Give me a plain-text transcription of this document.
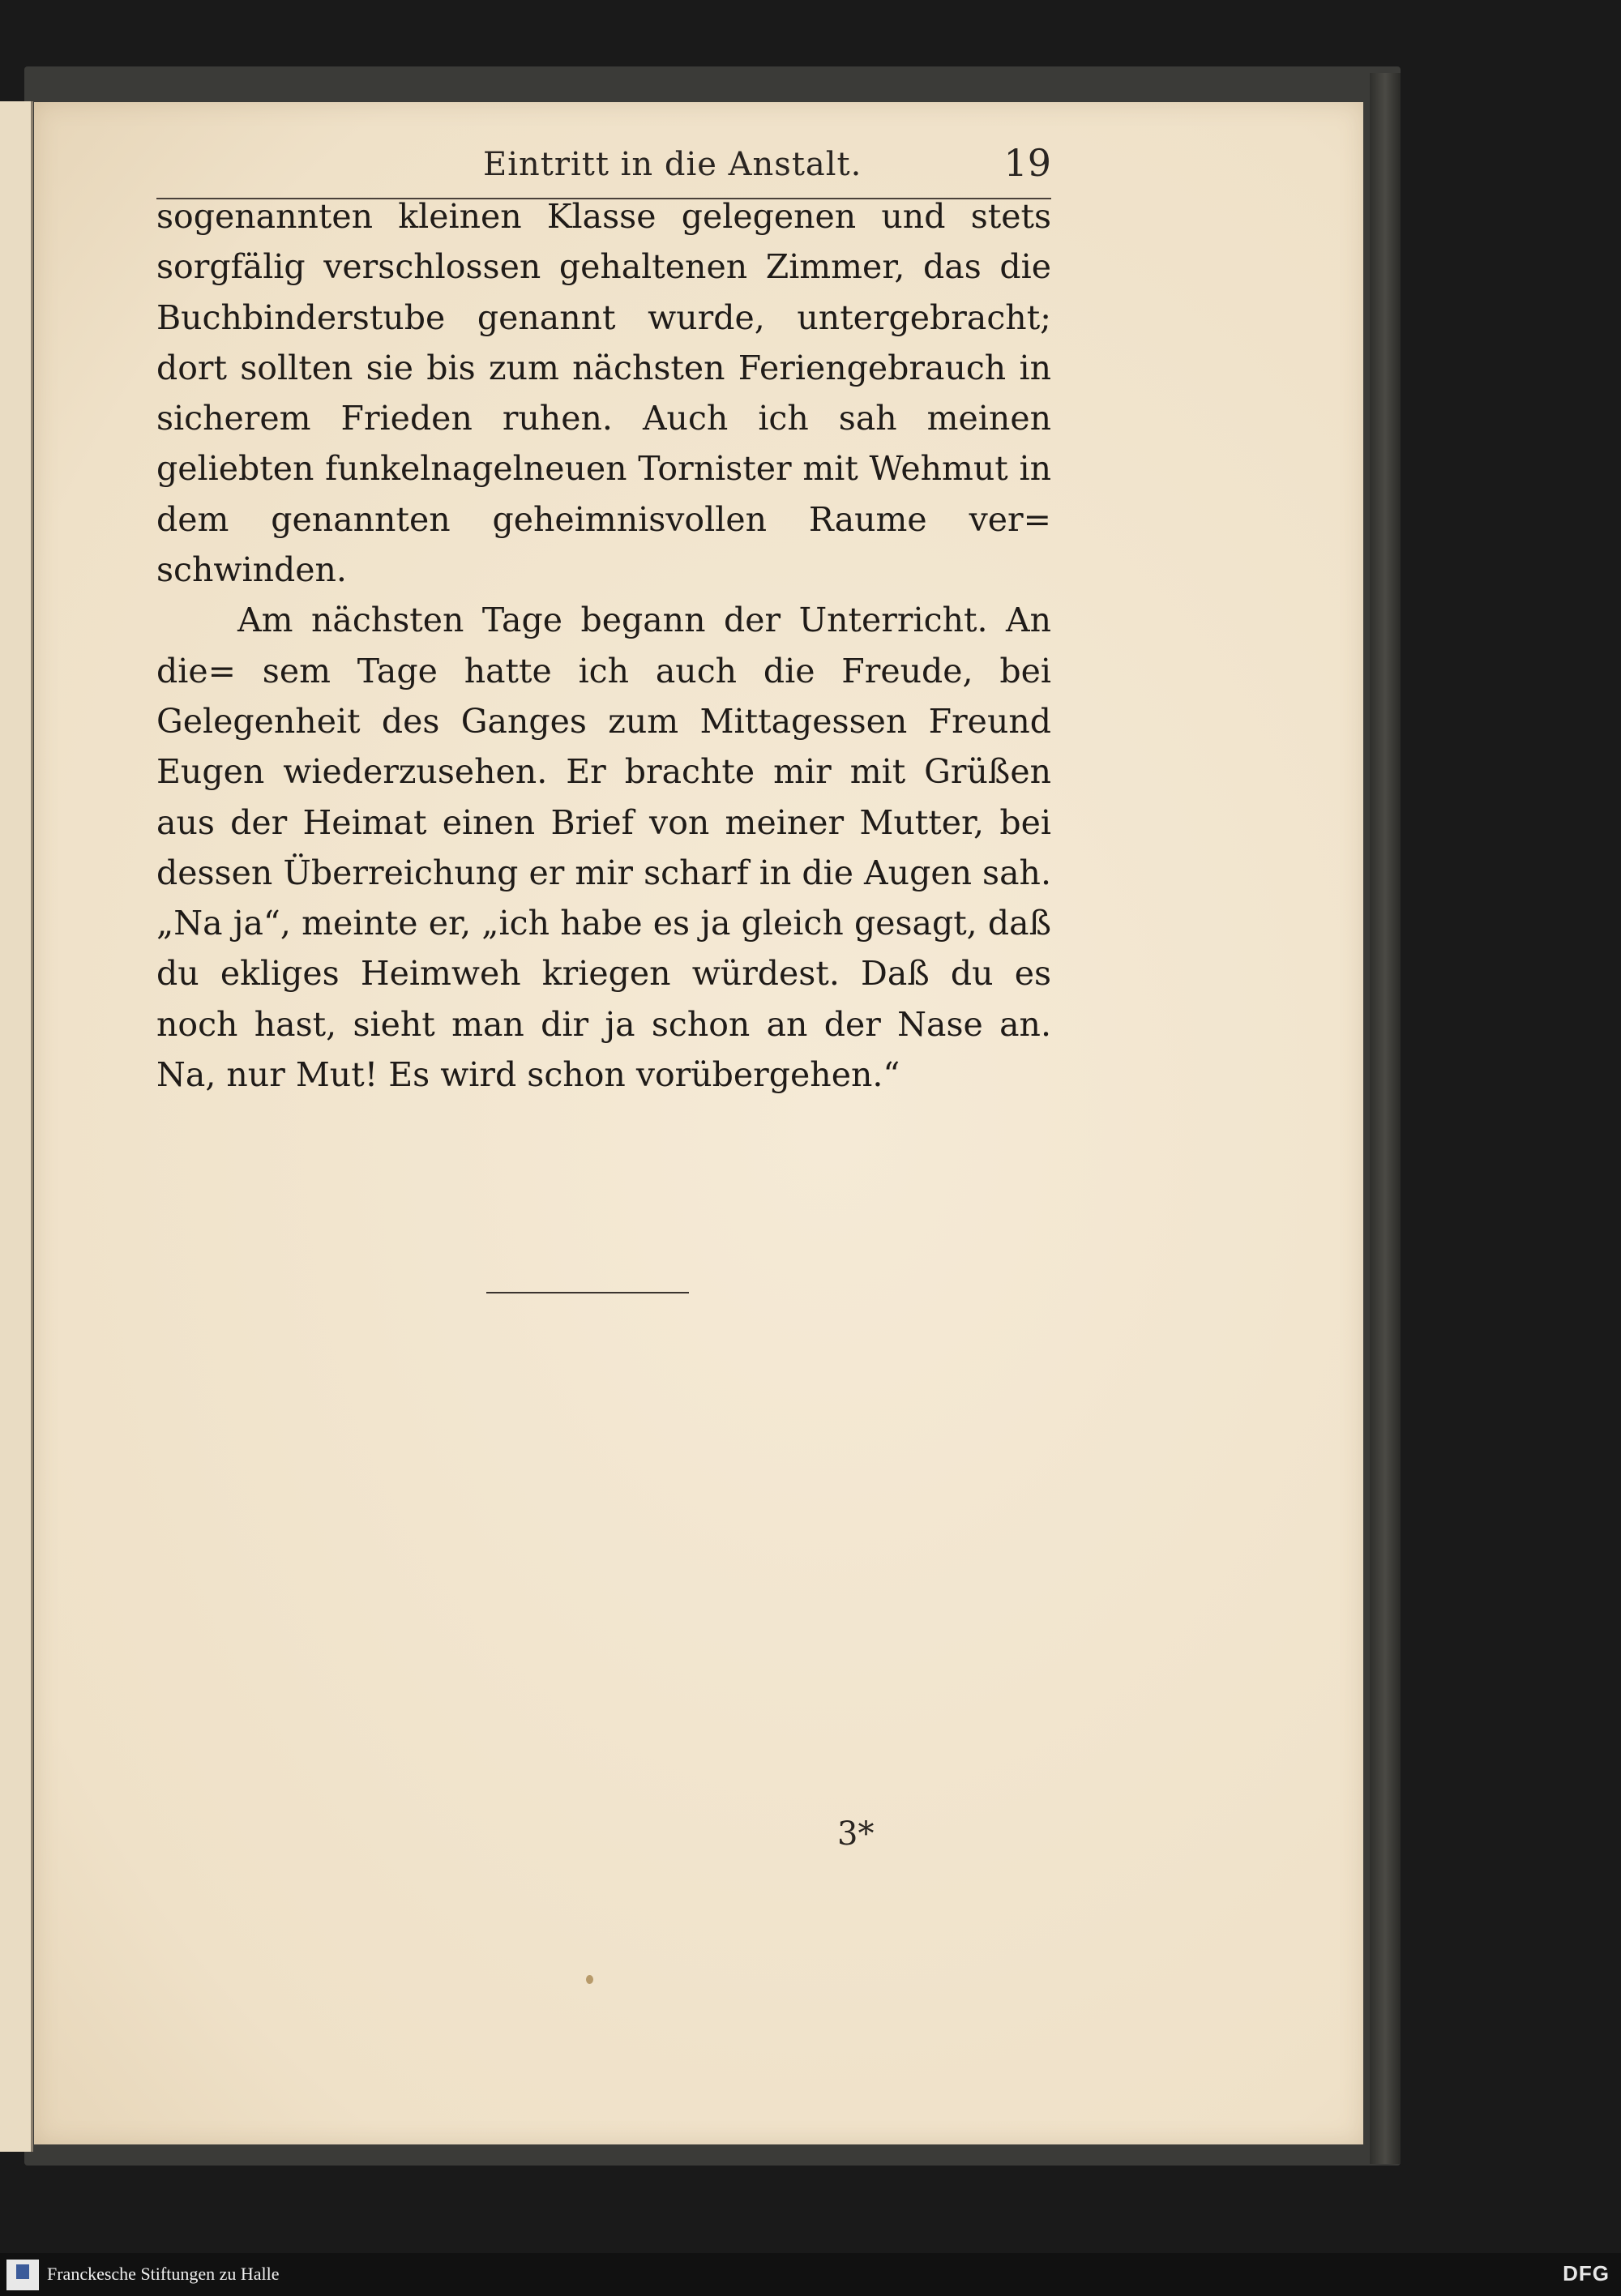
Eintritt in die Anstalt.	19

sogenannten kleinen Klasse gelegenen und stets sorgfälig verschlossen gehaltenen Zimmer, das die Buchbinderstube genannt wurde, untergebracht; dort sollten sie bis zum nächsten Feriengebrauch in sicherem Frieden ruhen. Auch ich sah meinen geliebten funkelnagelneuen Tornister mit Wehmut in dem genannten geheimnisvollen Raume ver= schwinden.

Am nächsten Tage begann der Unterricht. An die= sem Tage hatte ich auch die Freude, bei Gelegenheit des Ganges zum Mittagessen Freund Eugen wiederzusehen. Er brachte mir mit Grüßen aus der Heimat einen Brief von meiner Mutter, bei dessen Überreichung er mir scharf in die Augen sah. „Na ja“, meinte er, „ich habe es ja gleich gesagt, daß du ekliges Heimweh kriegen würdest. Daß du es noch hast, sieht man dir ja schon an der Nase an. Na, nur Mut! Es wird schon vorübergehen.“

3*
Franckesche Stiftungen zu Halle	DFG
